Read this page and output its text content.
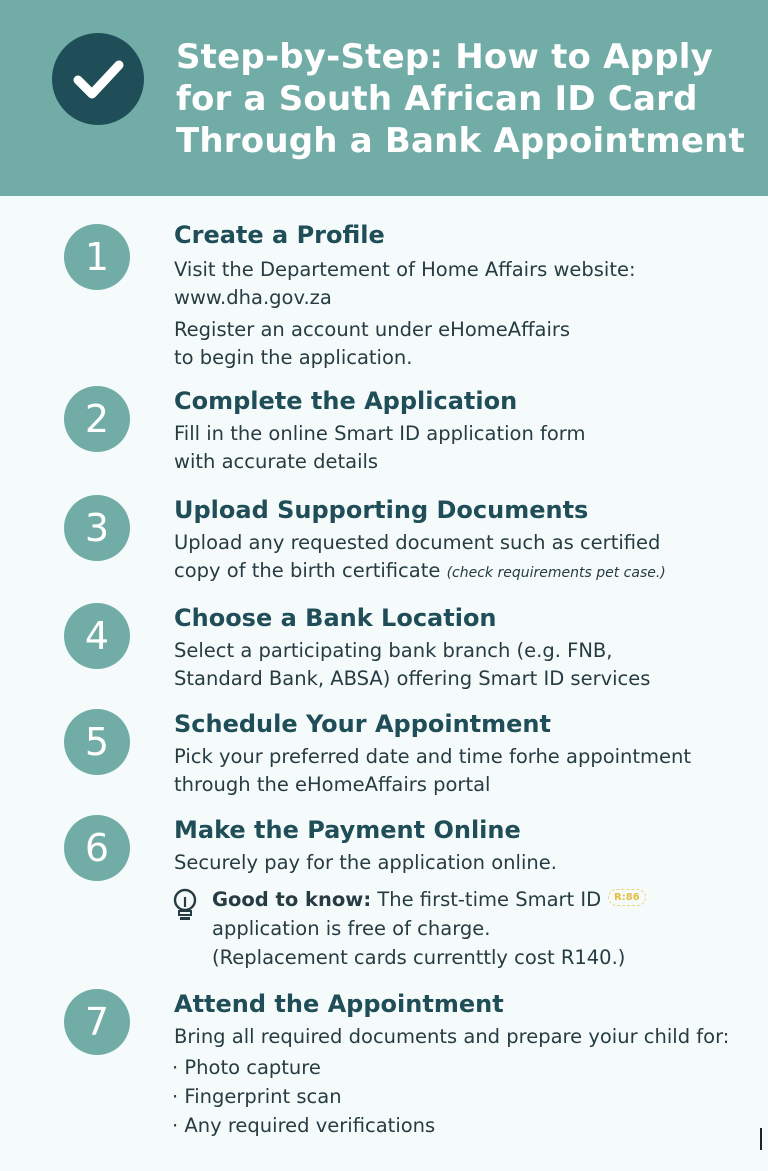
Step-by-Step: How to Apply
for a South African ID Card
Through a Bank Appointment
1	Create a Profile
Visit the Departement of Home Affairs website:
www.dha.gov.za
Register an account under eHomeAffairs
to begin the application.
2	Complete the Application
Fill in the online Smart ID application form
with accurate details
3	Upload Supporting Documents
Upload any requested document such as certified
copy of the birth certificate (check requirements pet case.)
4	Choose a Bank Location
Select a participating bank branch (e.g. FNB,
Standard Bank, ABSA) offering Smart ID services
5	Schedule Your Appointment
Pick your preferred date and time forhe appointment
through the eHomeAffairs portal
6	Make the Payment Online
Securely pay for the application online.
Good to know: The first-time Smart ID
application is free of charge.
(Replacement cards currenttly cost R140.)
R:86
7	Attend the Appointment
Bring all required documents and prepare yoiur child for:
· Photo capture
· Fingerprint scan
· Any required verifications
